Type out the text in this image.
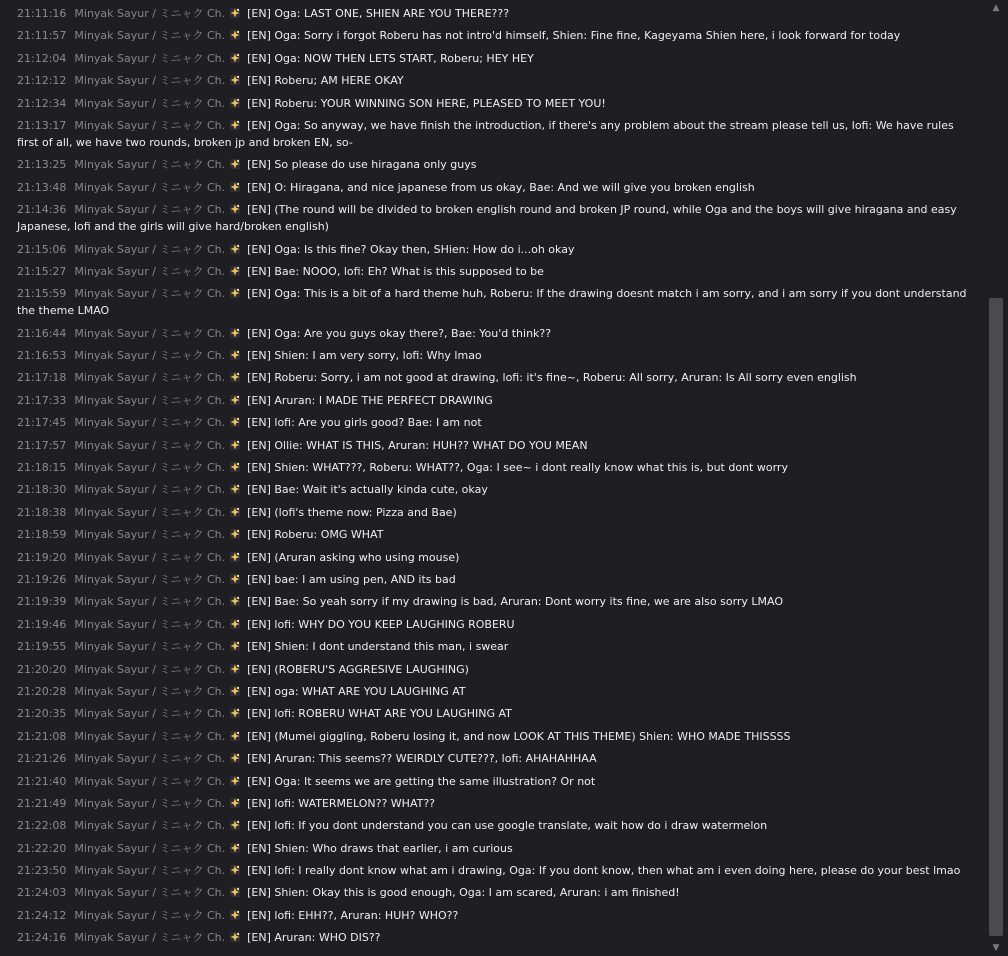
21:11:16 Minyak Sayur / ミニャク Ch. [EN] Oga: LAST ONE, SHIEN ARE YOU THERE???
21:11:57 Minyak Sayur / ミニャク Ch. [EN] Oga: Sorry i forgot Roberu has not intro'd himself, Shien: Fine fine, Kageyama Shien here, i look forward for today
21:12:04 Minyak Sayur / ミニャク Ch. [EN] Oga: NOW THEN LETS START, Roberu; HEY HEY
21:12:12 Minyak Sayur / ミニャク Ch. [EN] Roberu; AM HERE OKAY
21:12:34 Minyak Sayur / ミニャク Ch. [EN] Roberu: YOUR WINNING SON HERE, PLEASED TO MEET YOU!
21:13:17 Minyak Sayur / ミニャク Ch. [EN] Oga: So anyway, we have finish the introduction, if there's any problem about the stream please tell us, lofi: We have rules first of all, we have two rounds, broken jp and broken EN, so-
21:13:25 Minyak Sayur / ミニャク Ch. [EN] So please do use hiragana only guys
21:13:48 Minyak Sayur / ミニャク Ch. [EN] O: Hiragana, and nice japanese from us okay, Bae: And we will give you broken english
21:14:36 Minyak Sayur / ミニャク Ch. [EN] (The round will be divided to broken english round and broken JP round, while Oga and the boys will give hiragana and easy Japanese, lofi and the girls will give hard/broken english)
21:15:06 Minyak Sayur / ミニャク Ch. [EN] Oga: Is this fine? Okay then, SHien: How do i...oh okay
21:15:27 Minyak Sayur / ミニャク Ch. [EN] Bae: NOOO, lofi: Eh? What is this supposed to be
21:15:59 Minyak Sayur / ミニャク Ch. [EN] Oga: This is a bit of a hard theme huh, Roberu: If the drawing doesnt match i am sorry, and i am sorry if you dont understand the theme LMAO
21:16:44 Minyak Sayur / ミニャク Ch. [EN] Oga: Are you guys okay there?, Bae: You'd think??
21:16:53 Minyak Sayur / ミニャク Ch. [EN] Shien: I am very sorry, lofi: Why lmao
21:17:18 Minyak Sayur / ミニャク Ch. [EN] Roberu: Sorry, i am not good at drawing, lofi: it's fine~, Roberu: All sorry, Aruran: Is All sorry even english
21:17:33 Minyak Sayur / ミニャク Ch. [EN] Aruran: I MADE THE PERFECT DRAWING
21:17:45 Minyak Sayur / ミニャク Ch. [EN] lofi: Are you girls good? Bae: I am not
21:17:57 Minyak Sayur / ミニャク Ch. [EN] Ollie: WHAT IS THIS, Aruran: HUH?? WHAT DO YOU MEAN
21:18:15 Minyak Sayur / ミニャク Ch. [EN] Shien: WHAT???, Roberu: WHAT??, Oga: I see~ i dont really know what this is, but dont worry
21:18:30 Minyak Sayur / ミニャク Ch. [EN] Bae: Wait it's actually kinda cute, okay
21:18:38 Minyak Sayur / ミニャク Ch. [EN] (lofi's theme now: Pizza and Bae)
21:18:59 Minyak Sayur / ミニャク Ch. [EN] Roberu: OMG WHAT
21:19:20 Minyak Sayur / ミニャク Ch. [EN] (Aruran asking who using mouse)
21:19:26 Minyak Sayur / ミニャク Ch. [EN] bae: I am using pen, AND its bad
21:19:39 Minyak Sayur / ミニャク Ch. [EN] Bae: So yeah sorry if my drawing is bad, Aruran: Dont worry its fine, we are also sorry LMAO
21:19:46 Minyak Sayur / ミニャク Ch. [EN] lofi: WHY DO YOU KEEP LAUGHING ROBERU
21:19:55 Minyak Sayur / ミニャク Ch. [EN] Shien: I dont understand this man, i swear
21:20:20 Minyak Sayur / ミニャク Ch. [EN] (ROBERU'S AGGRESIVE LAUGHING)
21:20:28 Minyak Sayur / ミニャク Ch. [EN] oga: WHAT ARE YOU LAUGHING AT
21:20:35 Minyak Sayur / ミニャク Ch. [EN] lofi: ROBERU WHAT ARE YOU LAUGHING AT
21:21:08 Minyak Sayur / ミニャク Ch. [EN] (Mumei giggling, Roberu losing it, and now LOOK AT THIS THEME) Shien: WHO MADE THISSSS
21:21:26 Minyak Sayur / ミニャク Ch. [EN] Aruran: This seems?? WEIRDLY CUTE???, lofi: AHAHAHHAA
21:21:40 Minyak Sayur / ミニャク Ch. [EN] Oga: It seems we are getting the same illustration? Or not
21:21:49 Minyak Sayur / ミニャク Ch. [EN] lofi: WATERMELON?? WHAT??
21:22:08 Minyak Sayur / ミニャク Ch. [EN] lofi: If you dont understand you can use google translate, wait how do i draw watermelon
21:22:20 Minyak Sayur / ミニャク Ch. [EN] Shien: Who draws that earlier, i am curious
21:23:50 Minyak Sayur / ミニャク Ch. [EN] lofi: I really dont know what am i drawing, Oga: If you dont know, then what am i even doing here, please do your best lmao
21:24:03 Minyak Sayur / ミニャク Ch. [EN] Shien: Okay this is good enough, Oga: I am scared, Aruran: i am finished!
21:24:12 Minyak Sayur / ミニャク Ch. [EN] lofi: EHH??, Aruran: HUH? WHO??
21:24:16 Minyak Sayur / ミニャク Ch. [EN] Aruran: WHO DIS??
▲
▼
